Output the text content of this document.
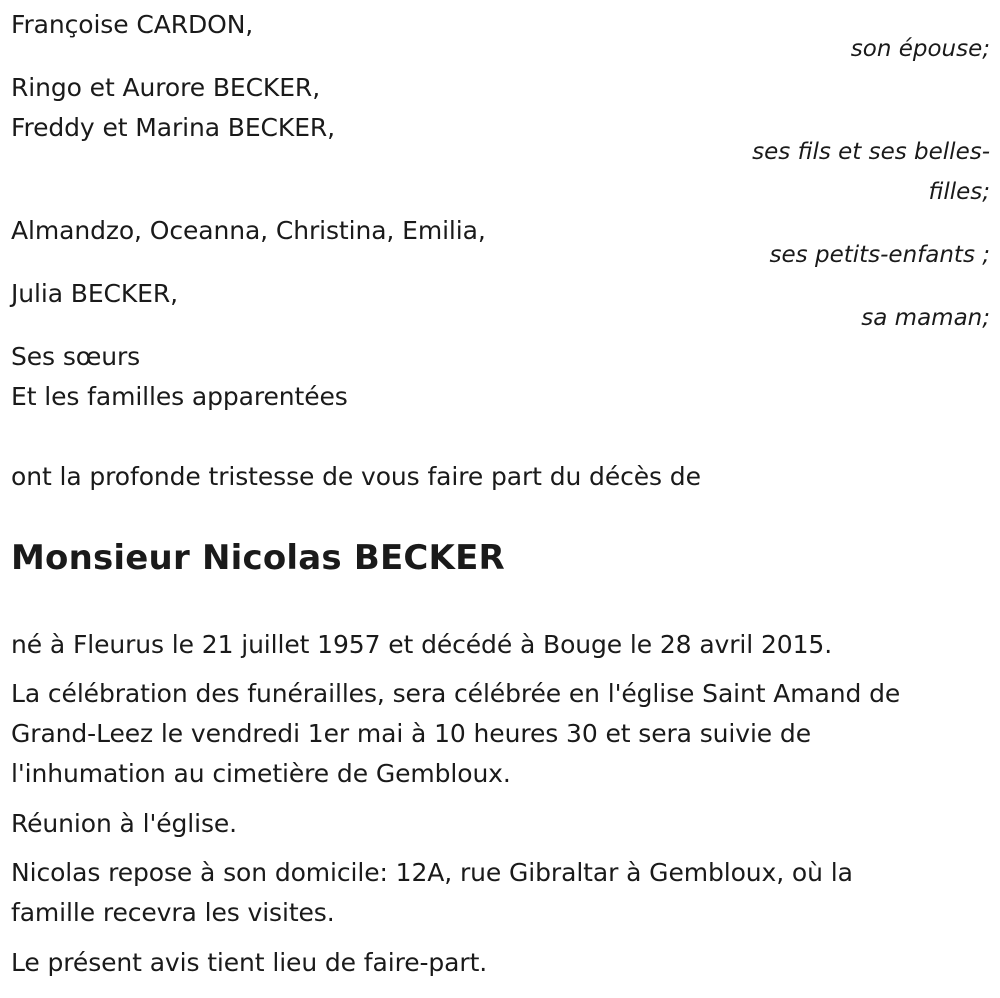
Françoise CARDON,
son épouse;
Ringo et Aurore BECKER,
Freddy et Marina BECKER,
ses fils et ses belles-
filles;
Almandzo, Oceanna, Christina, Emilia,
ses petits-enfants ;
Julia BECKER,
sa maman;
Ses sœurs
Et les familles apparentées
ont la profonde tristesse de vous faire part du décès de
Monsieur Nicolas BECKER
né à Fleurus le 21 juillet 1957 et décédé à Bouge le 28 avril 2015.
La célébration des funérailles, sera célébrée en l'église Saint Amand de
Grand-Leez le vendredi 1er mai à 10 heures 30 et sera suivie de
l'inhumation au cimetière de Gembloux.
Réunion à l'église.
Nicolas repose à son domicile: 12A, rue Gibraltar à Gembloux, où la
famille recevra les visites.
Le présent avis tient lieu de faire-part.
